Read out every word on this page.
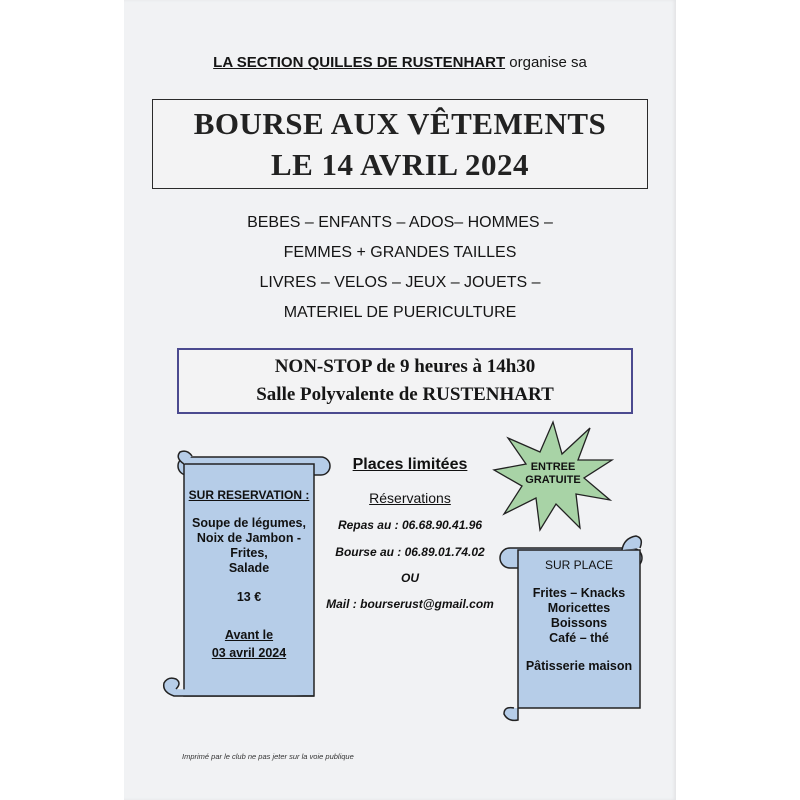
LA SECTION QUILLES DE RUSTENHART organise sa
BOURSE AUX VÊTEMENTS
LE 14 AVRIL 2024
BEBES – ENFANTS – ADOS– HOMMES –
FEMMES + GRANDES TAILLES
LIVRES – VELOS – JEUX – JOUETS –
MATERIEL DE PUERICULTURE
NON-STOP de 9 heures à 14h30
Salle Polyvalente de RUSTENHART
SUR RESERVATION :
Soupe de légumes,
Noix de Jambon -
Frites,
Salade
13 €
Avant le
03 avril 2024
Places limitées
Réservations
Repas au : 06.68.90.41.96
Bourse au : 06.89.01.74.02
OU
Mail : bourserust@gmail.com
ENTREE
GRATUITE
SUR PLACE
Frites – Knacks
Moricettes
Boissons
Café – thé
Pâtisserie maison
Imprimé par le club ne pas jeter sur la voie publique
